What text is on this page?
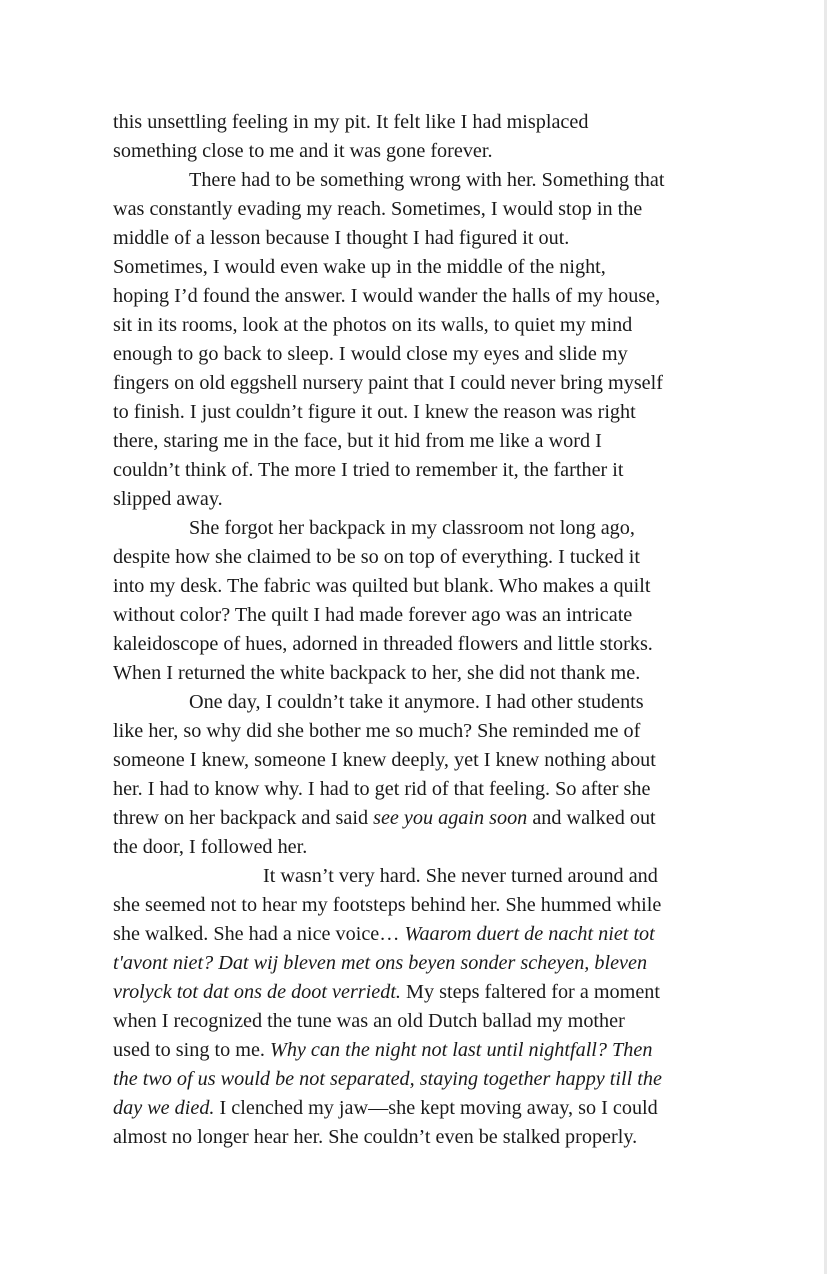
this unsettling feeling in my pit. It felt like I had misplaced
something close to me and it was gone forever.
There had to be something wrong with her. Something that
was constantly evading my reach. Sometimes, I would stop in the
middle of a lesson because I thought I had figured it out.
Sometimes, I would even wake up in the middle of the night,
hoping I’d found the answer. I would wander the halls of my house,
sit in its rooms, look at the photos on its walls, to quiet my mind
enough to go back to sleep. I would close my eyes and slide my
fingers on old eggshell nursery paint that I could never bring myself
to finish. I just couldn’t figure it out. I knew the reason was right
there, staring me in the face, but it hid from me like a word I
couldn’t think of. The more I tried to remember it, the farther it
slipped away.
She forgot her backpack in my classroom not long ago,
despite how she claimed to be so on top of everything. I tucked it
into my desk. The fabric was quilted but blank. Who makes a quilt
without color? The quilt I had made forever ago was an intricate
kaleidoscope of hues, adorned in threaded flowers and little storks.
When I returned the white backpack to her, she did not thank me.
One day, I couldn’t take it anymore. I had other students
like her, so why did she bother me so much? She reminded me of
someone I knew, someone I knew deeply, yet I knew nothing about
her. I had to know why. I had to get rid of that feeling. So after she
threw on her backpack and said see you again soon and walked out
the door, I followed her.
It wasn’t very hard. She never turned around and
she seemed not to hear my footsteps behind her. She hummed while
she walked. She had a nice voice… Waarom duert de nacht niet tot
t'avont niet? Dat wij bleven met ons beyen sonder scheyen, bleven
vrolyck tot dat ons de doot verriedt. My steps faltered for a moment
when I recognized the tune was an old Dutch ballad my mother
used to sing to me. Why can the night not last until nightfall? Then
the two of us would be not separated, staying together happy till the
day we died. I clenched my jaw—she kept moving away, so I could
almost no longer hear her. She couldn’t even be stalked properly.
